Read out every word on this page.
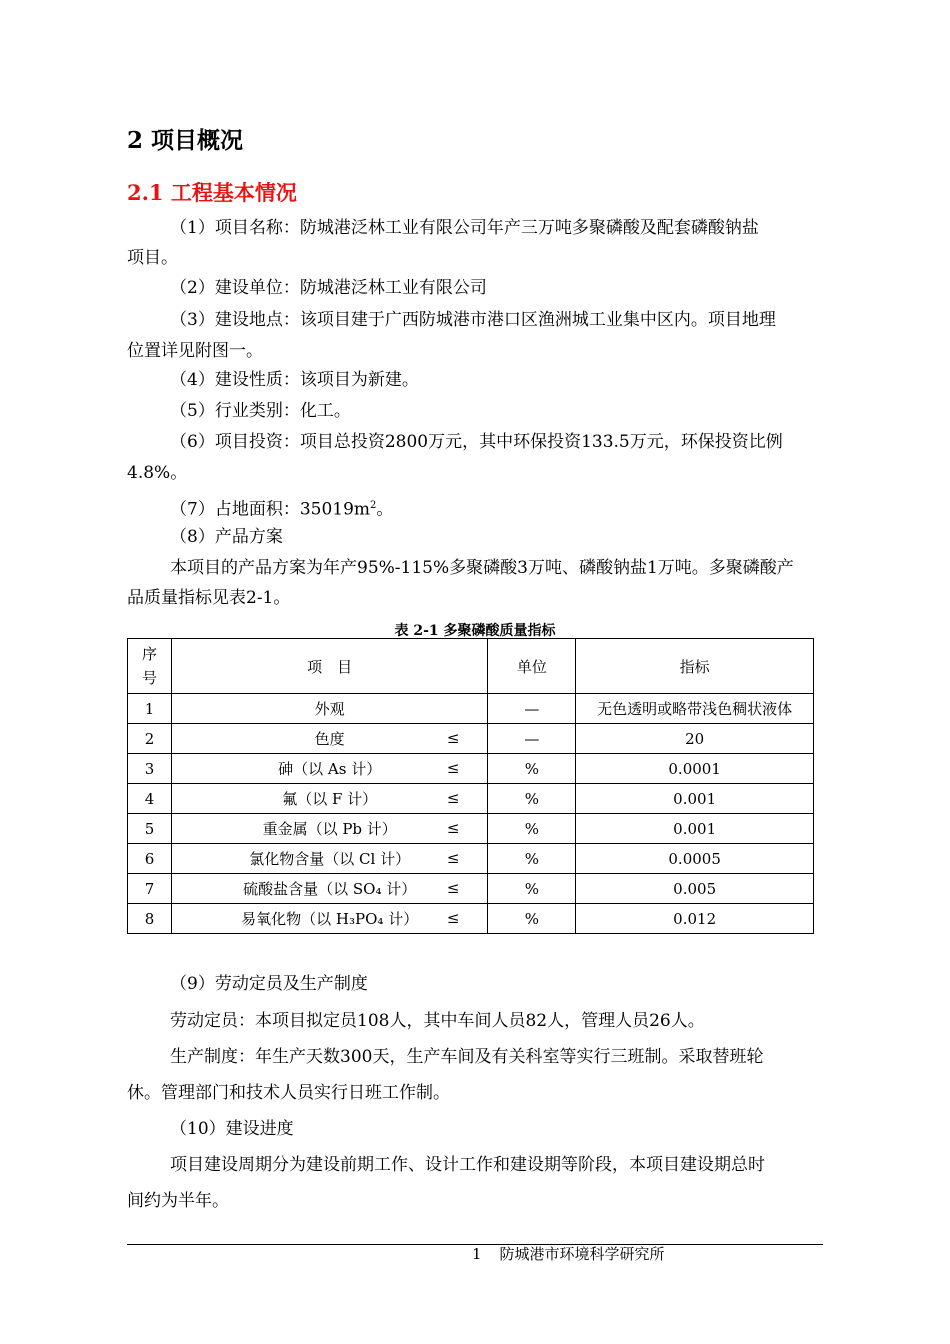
2 项目概况
2.1 工程基本情况
（1）项目名称：防城港泛林工业有限公司年产三万吨多聚磷酸及配套磷酸钠盐
项目。
（2）建设单位：防城港泛林工业有限公司
（3）建设地点：该项目建于广西防城港市港口区渔洲城工业集中区内。项目地理
位置详见附图一。
（4）建设性质：该项目为新建。
（5）行业类别：化工。
（6）项目投资：项目总投资2800万元，其中环保投资133.5万元，环保投资比例
4.8%。
（7）占地面积：$35019m^2$。
（8）产品方案
本项目的产品方案为年产95%-115%多聚磷酸3万吨、磷酸钠盐1万吨。多聚磷酸产
品质量指标见表2-1。
表 2-1 多聚磷酸质量指标
序号	项　目	单位	指标
1	外观	—	无色透明或略带浅色稠状液体
2	色度 ≤	—	20
3	砷（以 As 计） ≤	%	0.0001
4	氟（以 F 计） ≤	%	0.001
5	重金属（以 Pb 计） ≤	%	0.001
6	氯化物含量（以 Cl 计） ≤	%	0.0005
7	硫酸盐含量（以 SO₄ 计） ≤	%	0.005
8	易氧化物（以 H₃PO₄ 计） ≤	%	0.012
（9）劳动定员及生产制度
劳动定员：本项目拟定员108人，其中车间人员82人，管理人员26人。
生产制度：年生产天数300天，生产车间及有关科室等实行三班制。采取替班轮
休。管理部门和技术人员实行日班工作制。
（10）建设进度
项目建设周期分为建设前期工作、设计工作和建设期等阶段，本项目建设期总时
间约为半年。
1 防城港市环境科学研究所
